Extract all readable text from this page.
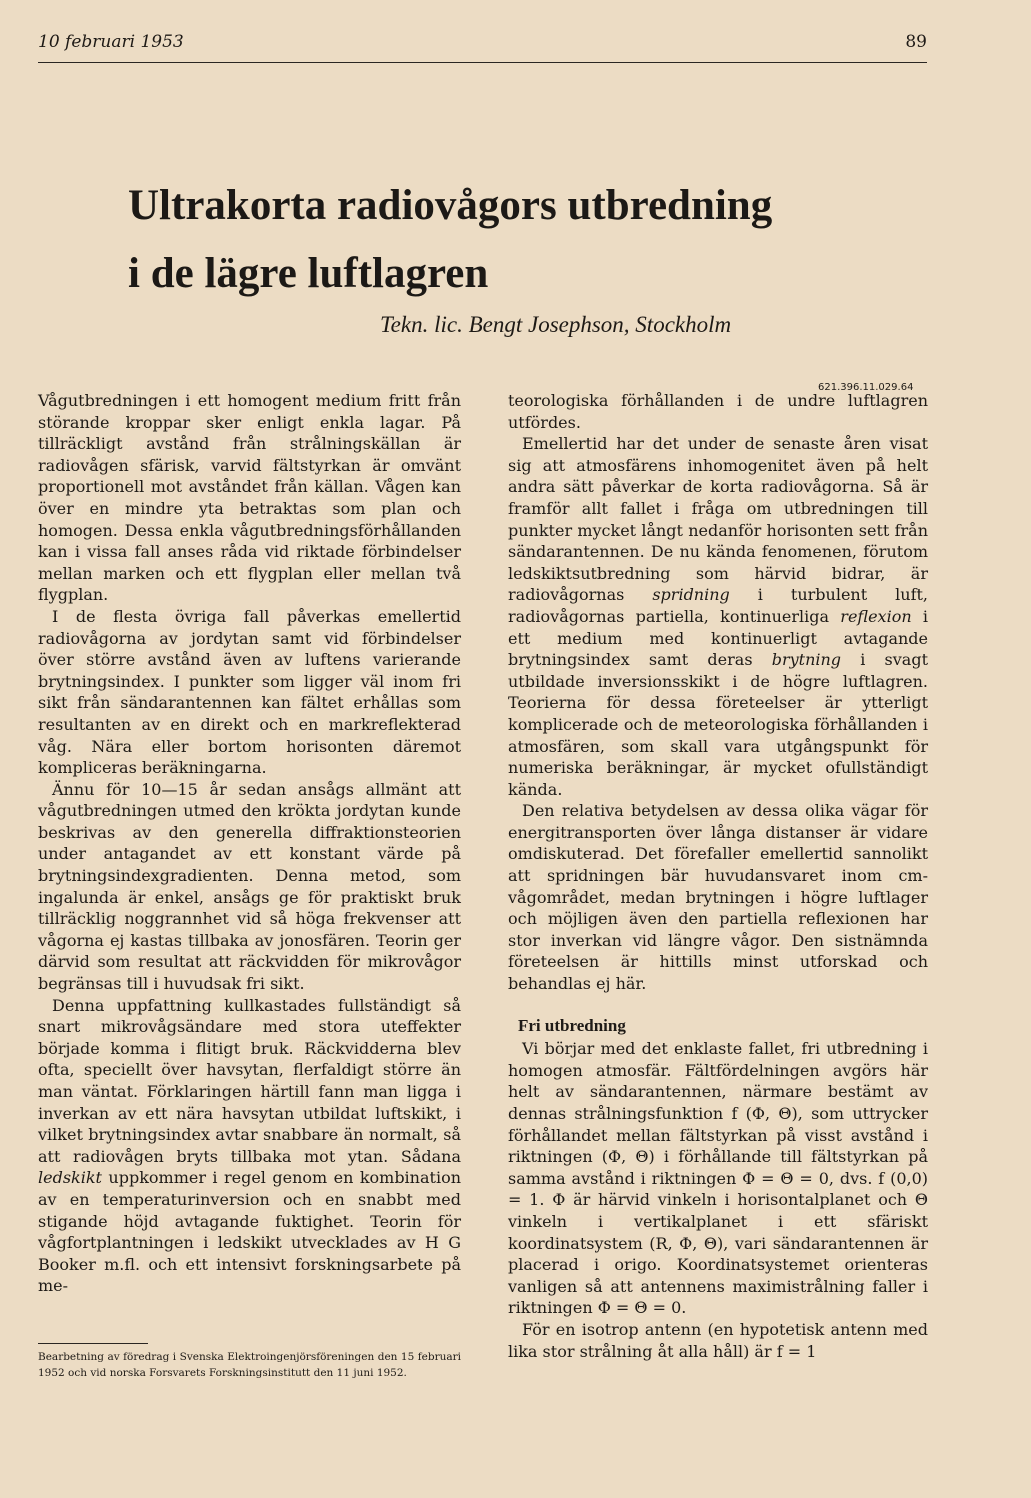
10 februari 1953	89
Ultrakorta radiovågors utbredning
i de lägre luftlagren
Tekn. lic. Bengt Josephson, Stockholm
621.396.11.029.64

Vågutbredningen i ett homogent medium fritt från störande kroppar sker enligt enkla lagar. På tillräckligt avstånd från strålningskällan är radiovågen sfärisk, varvid fältstyrkan är omvänt proportionell mot avståndet från källan. Vågen kan över en mindre yta betraktas som plan och homogen. Dessa enkla vågutbredningsförhållanden kan i vissa fall anses råda vid riktade förbindelser mellan marken och ett flygplan eller mellan två flygplan.

I de flesta övriga fall påverkas emellertid radiovågorna av jordytan samt vid förbindelser över större avstånd även av luftens varierande brytningsindex. I punkter som ligger väl inom fri sikt från sändarantennen kan fältet erhållas som resultanten av en direkt och en markreflekterad våg. Nära eller bortom horisonten däremot kompliceras beräkningarna.

Ännu för 10—15 år sedan ansågs allmänt att vågutbredningen utmed den krökta jordytan kunde beskrivas av den generella diffraktionsteorien under antagandet av ett konstant värde på brytningsindexgradienten. Denna metod, som ingalunda är enkel, ansågs ge för praktiskt bruk tillräcklig noggrannhet vid så höga frekvenser att vågorna ej kastas tillbaka av jonosfären. Teorin ger därvid som resultat att räckvidden för mikrovågor begränsas till i huvudsak fri sikt.

Denna uppfattning kullkastades fullständigt så snart mikrovågsändare med stora uteffekter började komma i flitigt bruk. Räckvidderna blev ofta, speciellt över havsytan, flerfaldigt större än man väntat. Förklaringen härtill fann man ligga i inverkan av ett nära havsytan utbildat luftskikt, i vilket brytningsindex avtar snabbare än normalt, så att radiovågen bryts tillbaka mot ytan. Sådana ledskikt uppkommer i regel genom en kombination av en temperaturinversion och en snabbt med stigande höjd avtagande fuktighet. Teorin för vågfortplantningen i ledskikt utvecklades av H G Booker m.fl. och ett intensivt forskningsarbete på me-

Bearbetning av föredrag i Svenska Elektroingenjörsföreningen den 15 februari 1952 och vid norska Forsvarets Forskningsinstitutt den 11 juni 1952.

teorologiska förhållanden i de undre luftlagren utfördes.

Emellertid har det under de senaste åren visat sig att atmosfärens inhomogenitet även på helt andra sätt påverkar de korta radiovågorna. Så är framför allt fallet i fråga om utbredningen till punkter mycket långt nedanför horisonten sett från sändarantennen. De nu kända fenomenen, förutom ledskiktsutbredning som härvid bidrar, är radiovågornas spridning i turbulent luft, radiovågornas partiella, kontinuerliga reflexion i ett medium med kontinuerligt avtagande brytningsindex samt deras brytning i svagt utbildade inversionsskikt i de högre luftlagren. Teorierna för dessa företeelser är ytterligt komplicerade och de meteorologiska förhållanden i atmosfären, som skall vara utgångspunkt för numeriska beräkningar, är mycket ofullständigt kända.

Den relativa betydelsen av dessa olika vägar för energitransporten över långa distanser är vidare omdiskuterad. Det förefaller emellertid sannolikt att spridningen bär huvudansvaret inom cm-vågområdet, medan brytningen i högre luftlager och möjligen även den partiella reflexionen har stor inverkan vid längre vågor. Den sistnämnda företeelsen är hittills minst utforskad och behandlas ej här.

Fri utbredning

Vi börjar med det enklaste fallet, fri utbredning i homogen atmosfär. Fältfördelningen avgörs här helt av sändarantennen, närmare bestämt av dennas strålningsfunktion f (Φ, Θ), som uttrycker förhållandet mellan fältstyrkan på visst avstånd i riktningen (Φ, Θ) i förhållande till fältstyrkan på samma avstånd i riktningen Φ = Θ = 0, dvs. f (0,0) = 1. Φ är härvid vinkeln i horisontalplanet och Θ vinkeln i vertikalplanet i ett sfäriskt koordinatsystem (R, Φ, Θ), vari sändarantennen är placerad i origo. Koordinatsystemet orienteras vanligen så att antennens maximistrålning faller i riktningen Φ = Θ = 0.

För en isotrop antenn (en hypotetisk antenn med lika stor strålning åt alla håll) är f = 1
